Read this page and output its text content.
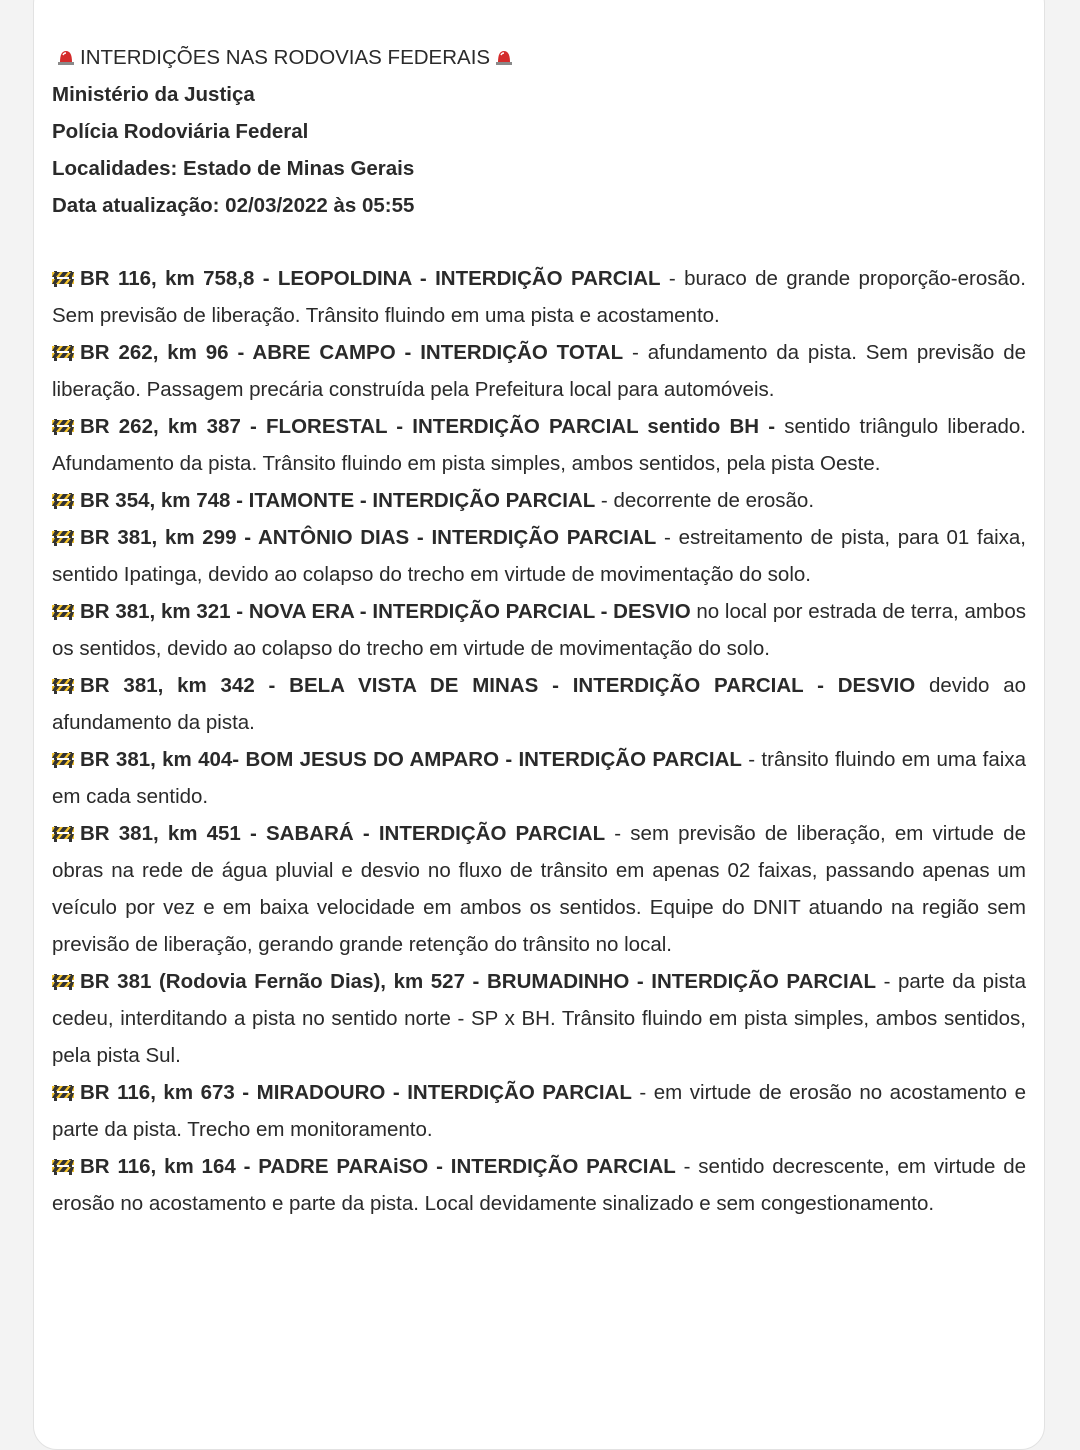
INTERDIÇÕES NAS RODOVIAS FEDERAIS
Ministério da Justiça
Polícia Rodoviária Federal
Localidades: Estado de Minas Gerais
Data atualização: 02/03/2022 às 05:55

BR 116, km 758,8 - LEOPOLDINA - INTERDIÇÃO PARCIAL - buraco de grande proporção-erosão. Sem previsão de liberação. Trânsito fluindo em uma pista e acostamento.

BR 262, km 96 - ABRE CAMPO - INTERDIÇÃO TOTAL - afundamento da pista. Sem previsão de liberação. Passagem precária construída pela Prefeitura local para automóveis.

BR 262, km 387 - FLORESTAL - INTERDIÇÃO PARCIAL sentido BH - sentido triângulo liberado. Afundamento da pista. Trânsito fluindo em pista simples, ambos sentidos, pela pista Oeste.

BR 354, km 748 - ITAMONTE - INTERDIÇÃO PARCIAL - decorrente de erosão.

BR 381, km 299 - ANTÔNIO DIAS - INTERDIÇÃO PARCIAL - estreitamento de pista, para 01 faixa, sentido Ipatinga, devido ao colapso do trecho em virtude de movimentação do solo.

BR 381, km 321 - NOVA ERA - INTERDIÇÃO PARCIAL - DESVIO no local por estrada de terra, ambos os sentidos, devido ao colapso do trecho em virtude de movimentação do solo.

BR 381, km 342 - BELA VISTA DE MINAS - INTERDIÇÃO PARCIAL - DESVIO devido ao afundamento da pista.

BR 381, km 404- BOM JESUS DO AMPARO - INTERDIÇÃO PARCIAL - trânsito fluindo em uma faixa em cada sentido.

BR 381, km 451 - SABARÁ - INTERDIÇÃO PARCIAL - sem previsão de liberação, em virtude de obras na rede de água pluvial e desvio no fluxo de trânsito em apenas 02 faixas, passando apenas um veículo por vez e em baixa velocidade em ambos os sentidos. Equipe do DNIT atuando na região sem previsão de liberação, gerando grande retenção do trânsito no local.

BR 381 (Rodovia Fernão Dias), km 527 - BRUMADINHO - INTERDIÇÃO PARCIAL - parte da pista cedeu, interditando a pista no sentido norte - SP x BH. Trânsito fluindo em pista simples, ambos sentidos, pela pista Sul.

BR 116, km 673 - MIRADOURO - INTERDIÇÃO PARCIAL - em virtude de erosão no acostamento e parte da pista. Trecho em monitoramento.

BR 116, km 164 - PADRE PARAiSO - INTERDIÇÃO PARCIAL - sentido decrescente, em virtude de erosão no acostamento e parte da pista. Local devidamente sinalizado e sem congestionamento.
